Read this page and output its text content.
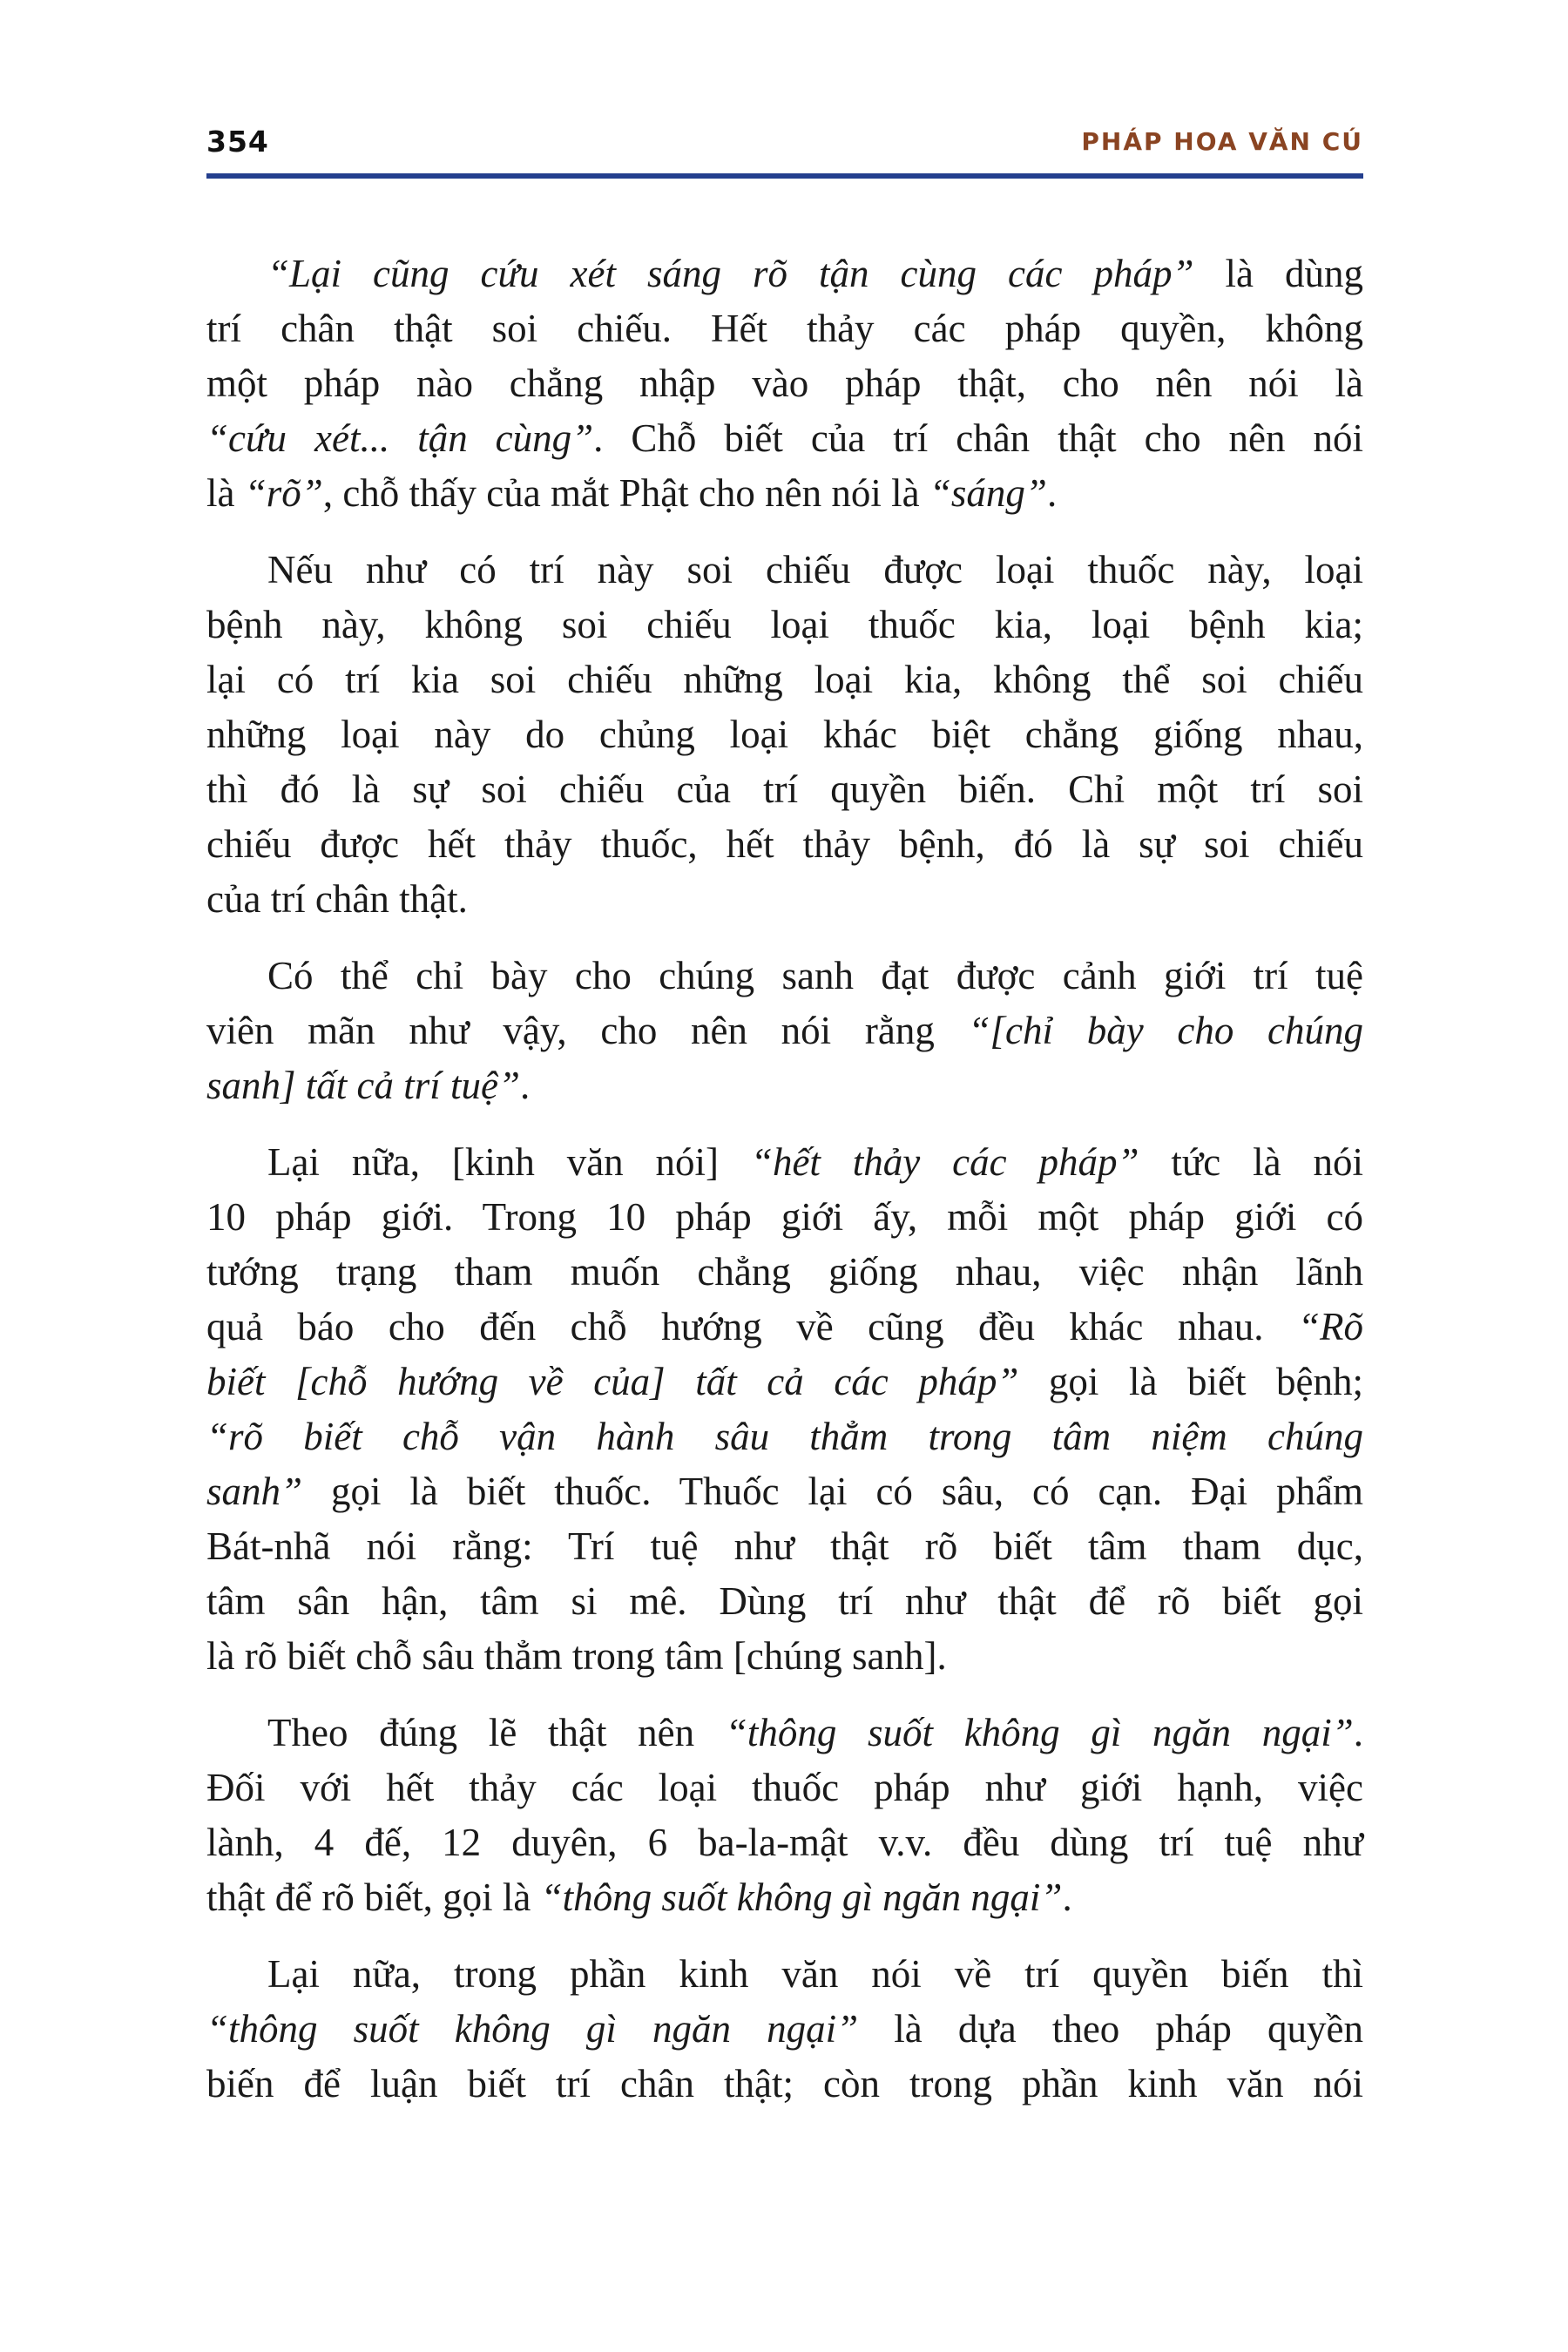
354	PHÁP HOA VĂN CÚ
“Lại cũng cứu xét sáng rõ tận cùng các pháp” là dùng
trí chân thật soi chiếu. Hết thảy các pháp quyền, không
một pháp nào chẳng nhập vào pháp thật, cho nên nói là
“cứu xét... tận cùng”. Chỗ biết của trí chân thật cho nên nói
là “rõ”, chỗ thấy của mắt Phật cho nên nói là “sáng”.
Nếu như có trí này soi chiếu được loại thuốc này, loại
bệnh này, không soi chiếu loại thuốc kia, loại bệnh kia;
lại có trí kia soi chiếu những loại kia, không thể soi chiếu
những loại này do chủng loại khác biệt chẳng giống nhau,
thì đó là sự soi chiếu của trí quyền biến. Chỉ một trí soi
chiếu được hết thảy thuốc, hết thảy bệnh, đó là sự soi chiếu
của trí chân thật.
Có thể chỉ bày cho chúng sanh đạt được cảnh giới trí tuệ
viên mãn như vậy, cho nên nói rằng “[chỉ bày cho chúng
sanh] tất cả trí tuệ”.
Lại nữa, [kinh văn nói] “hết thảy các pháp” tức là nói
10 pháp giới. Trong 10 pháp giới ấy, mỗi một pháp giới có
tướng trạng tham muốn chẳng giống nhau, việc nhận lãnh
quả báo cho đến chỗ hướng về cũng đều khác nhau. “Rõ
biết [chỗ hướng về của] tất cả các pháp” gọi là biết bệnh;
“rõ biết chỗ vận hành sâu thẳm trong tâm niệm chúng
sanh” gọi là biết thuốc. Thuốc lại có sâu, có cạn. Đại phẩm
Bát-nhã nói rằng: Trí tuệ như thật rõ biết tâm tham dục,
tâm sân hận, tâm si mê. Dùng trí như thật để rõ biết gọi
là rõ biết chỗ sâu thẳm trong tâm [chúng sanh].
Theo đúng lẽ thật nên “thông suốt không gì ngăn ngại”.
Đối với hết thảy các loại thuốc pháp như giới hạnh, việc
lành, 4 đế, 12 duyên, 6 ba-la-mật v.v. đều dùng trí tuệ như
thật để rõ biết, gọi là “thông suốt không gì ngăn ngại”.
Lại nữa, trong phần kinh văn nói về trí quyền biến thì
“thông suốt không gì ngăn ngại” là dựa theo pháp quyền
biến để luận biết trí chân thật; còn trong phần kinh văn nói
